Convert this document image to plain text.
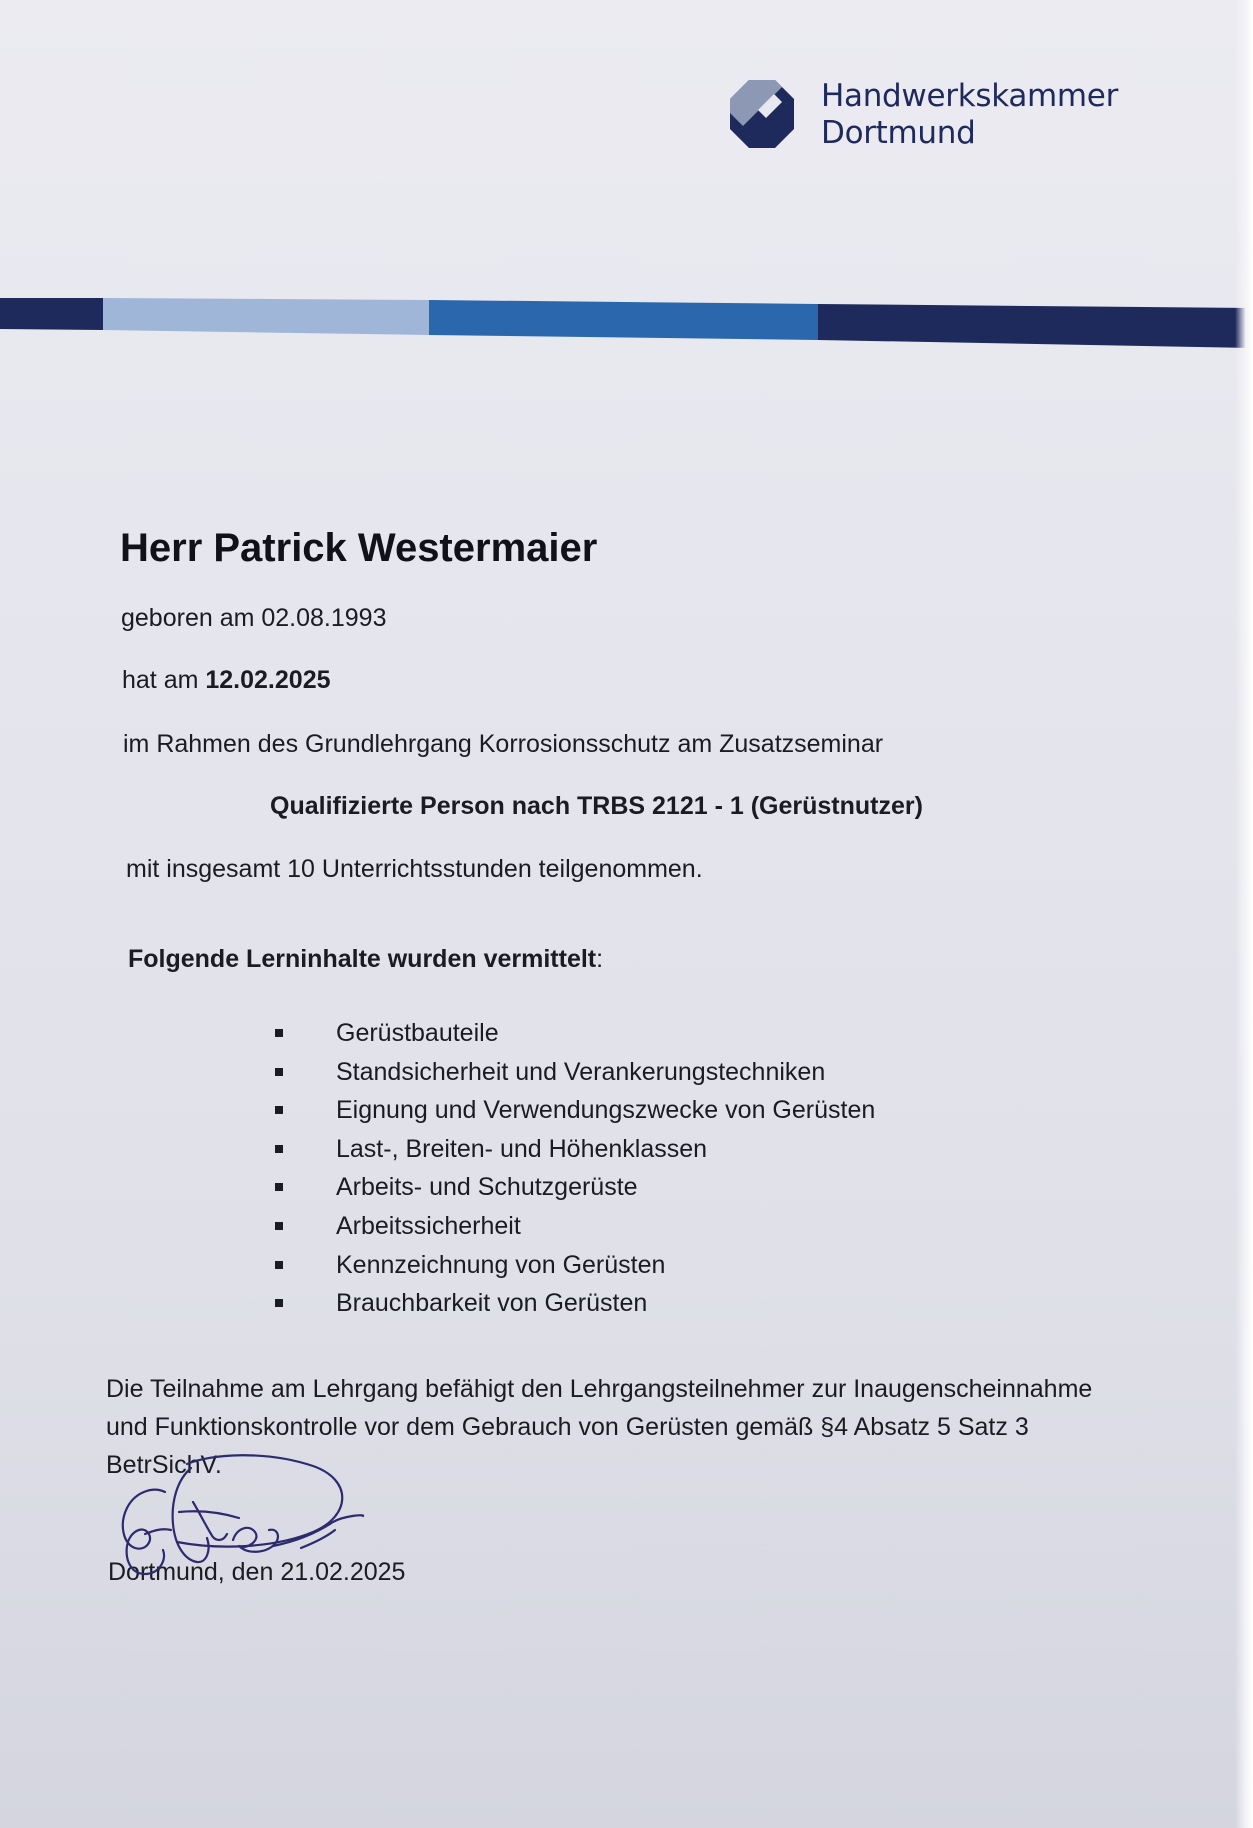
Handwerkskammer
Dortmund
Herr Patrick Westermaier
geboren am 02.08.1993
hat am 12.02.2025
im Rahmen des Grundlehrgang Korrosionsschutz am Zusatzseminar
Qualifizierte Person nach TRBS 2121 - 1 (Gerüstnutzer)
mit insgesamt 10 Unterrichtsstunden teilgenommen.
Folgende Lerninhalte wurden vermittelt:
Gerüstbauteile
Standsicherheit und Verankerungstechniken
Eignung und Verwendungszwecke von Gerüsten
Last-, Breiten- und Höhenklassen
Arbeits- und Schutzgerüste
Arbeitssicherheit
Kennzeichnung von Gerüsten
Brauchbarkeit von Gerüsten
Die Teilnahme am Lehrgang befähigt den Lehrgangsteilnehmer zur Inaugenscheinnahme
und Funktionskontrolle vor dem Gebrauch von Gerüsten gemäß §4 Absatz 5 Satz 3
BetrSichV.
Dortmund, den 21.02.2025
